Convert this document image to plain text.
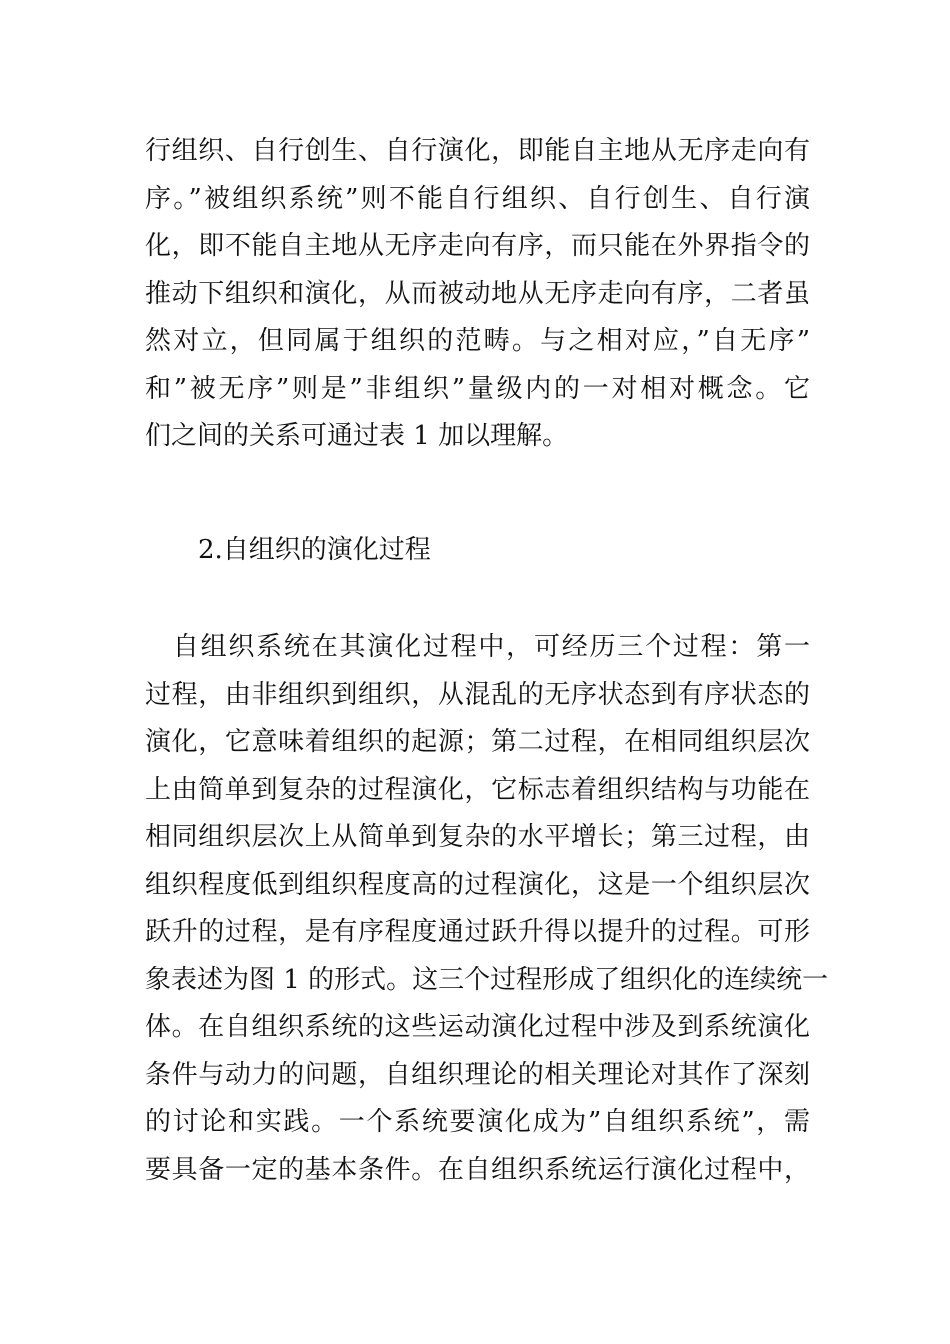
行组织、自行创生、自行演化，即能自主地从无序走向有
序。”被组织系统”则不能自行组织、自行创生、自行演
化，即不能自主地从无序走向有序，而只能在外界指令的
推动下组织和演化，从而被动地从无序走向有序，二者虽
然对立，但同属于组织的范畴。与之相对应，”自无序”
和”被无序”则是”非组织”量级内的一对相对概念。它
们之间的关系可通过表 1 加以理解。
2.自组织的演化过程
　自组织系统在其演化过程中，可经历三个过程：第一
过程，由非组织到组织，从混乱的无序状态到有序状态的
演化，它意味着组织的起源；第二过程，在相同组织层次
上由简单到复杂的过程演化，它标志着组织结构与功能在
相同组织层次上从简单到复杂的水平增长；第三过程，由
组织程度低到组织程度高的过程演化，这是一个组织层次
跃升的过程，是有序程度通过跃升得以提升的过程。可形
象表述为图 1 的形式。这三个过程形成了组织化的连续统一
体。在自组织系统的这些运动演化过程中涉及到系统演化
条件与动力的问题，自组织理论的相关理论对其作了深刻
的讨论和实践。一个系统要演化成为”自组织系统”，需
要具备一定的基本条件。在自组织系统运行演化过程中，
